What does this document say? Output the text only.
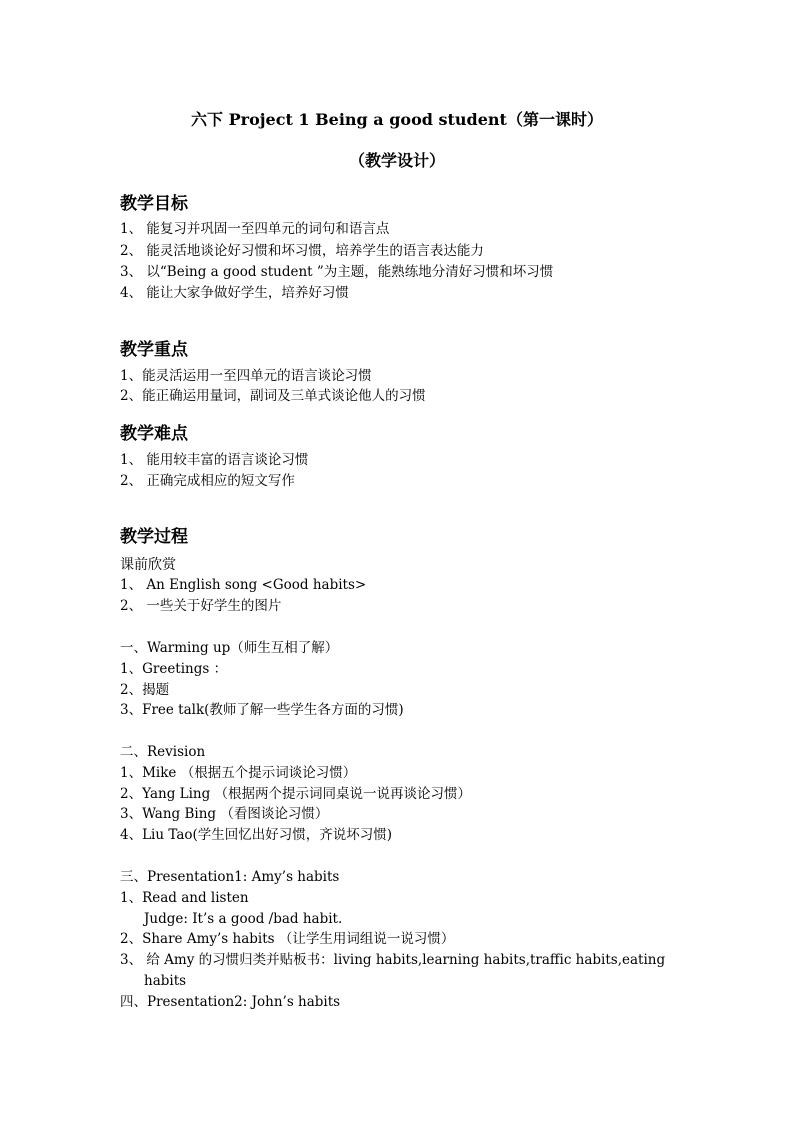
六下 Project 1 Being a good student（第一课时）
（教学设计）
教学目标
1、 能复习并巩固一至四单元的词句和语言点
2、 能灵活地谈论好习惯和坏习惯，培养学生的语言表达能力
3、 以“Being a good student ”为主题，能熟练地分清好习惯和坏习惯
4、 能让大家争做好学生，培养好习惯
教学重点
1、能灵活运用一至四单元的语言谈论习惯
2、能正确运用量词，副词及三单式谈论他人的习惯
教学难点
1、 能用较丰富的语言谈论习惯
2、 正确完成相应的短文写作
教学过程
课前欣赏
1、 An English song <Good habits>
2、 一些关于好学生的图片
一、Warming up（师生互相了解）
1、Greetings ：
2、揭题
3、Free talk(教师了解一些学生各方面的习惯)
二、Revision
1、Mike （根据五个提示词谈论习惯）
2、Yang Ling （根据两个提示词同桌说一说再谈论习惯）
3、Wang Bing （看图谈论习惯）
4、Liu Tao(学生回忆出好习惯，齐说坏习惯)
三、Presentation1: Amy’s habits
1、Read and listen
Judge: It’s a good /bad habit.
2、Share Amy’s habits （让学生用词组说一说习惯）
3、 给 Amy 的习惯归类并贴板书：living habits,learning habits,traffic habits,eating
habits
四、Presentation2: John’s habits
